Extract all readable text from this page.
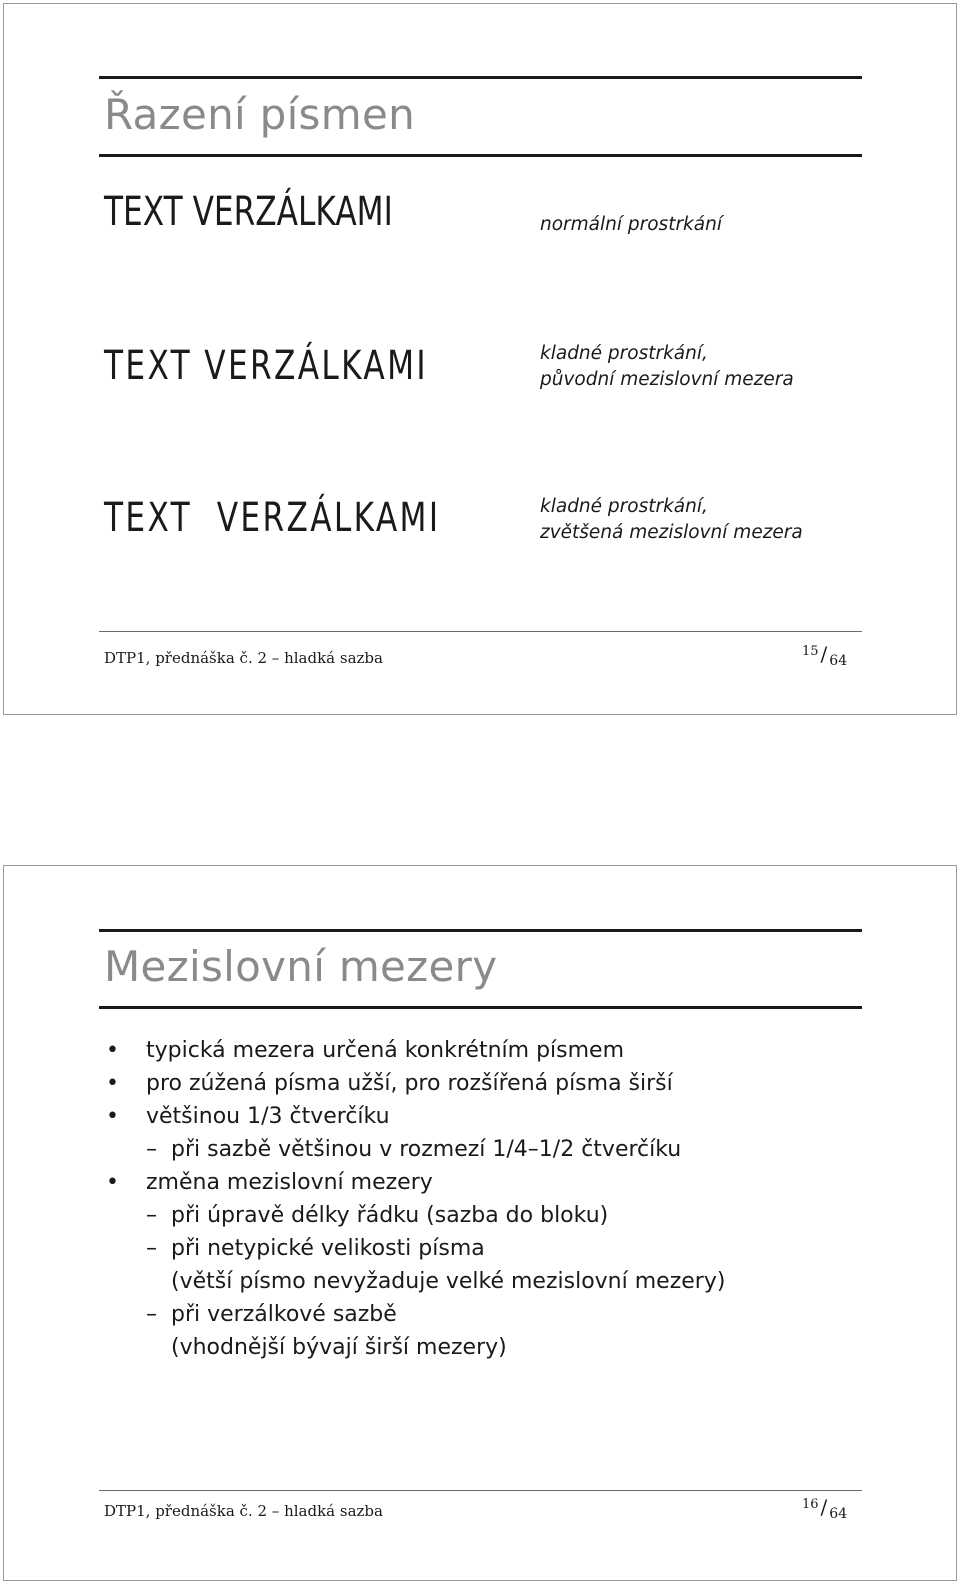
Řazení písmen
TEXT VERZÁLKAMI	normální prostrkání
TEXT VERZÁLKAMI	kladné prostrkání,
původní mezislovní mezera
TEXT VERZÁLKAMI	kladné prostrkání,
zvětšená mezislovní mezera
DTP1, přednáška č. 2 – hladká sazba	$^{15}$ / 64
Mezislovní mezery
• typická mezera určená konkrétním písmem
• pro zúžená písma užší, pro rozšířená písma širší
• většinou 1/3 čtverčíku
– při sazbě většinou v rozmezí 1/4–1/2 čtverčíku
• změna mezislovní mezery
– při úpravě délky řádku (sazba do bloku)
– při netypické velikosti písma
(větší písmo nevyžaduje velké mezislovní mezery)
– při verzálkové sazbě
(vhodnější bývají širší mezery)
DTP1, přednáška č. 2 – hladká sazba	$^{16}$ / 64
